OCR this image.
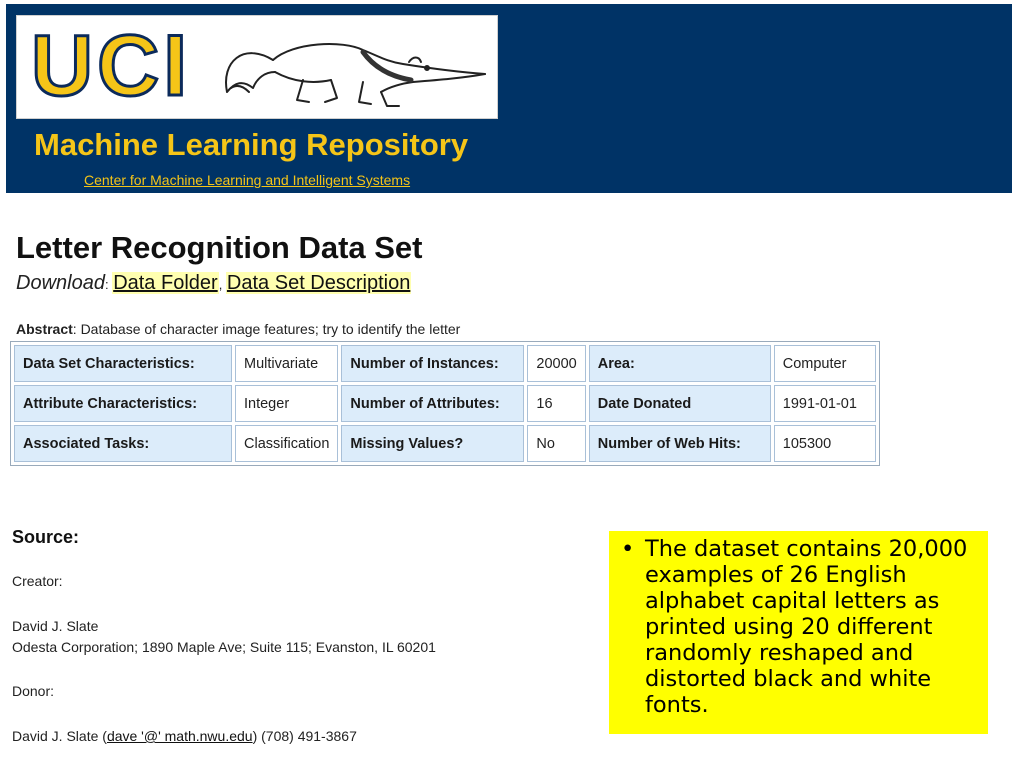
UCI
Machine Learning Repository
Center for Machine Learning and Intelligent Systems
Letter Recognition Data Set
Download: Data Folder, Data Set Description
Abstract: Database of character image features; try to identify the letter
Data Set Characteristics:	Multivariate	Number of Instances:	20000	Area:	Computer
Attribute Characteristics:	Integer	Number of Attributes:	16	Date Donated	1991-01-01
Associated Tasks:	Classification	Missing Values?	No	Number of Web Hits:	105300
Source:
Creator:
David J. Slate
Odesta Corporation; 1890 Maple Ave; Suite 115; Evanston, IL 60201
Donor:
David J. Slate (dave '@' math.nwu.edu) (708) 491-3867
• The dataset contains 20,000 examples of 26 English alphabet capital letters as printed using 20 different randomly reshaped and distorted black and white fonts.
